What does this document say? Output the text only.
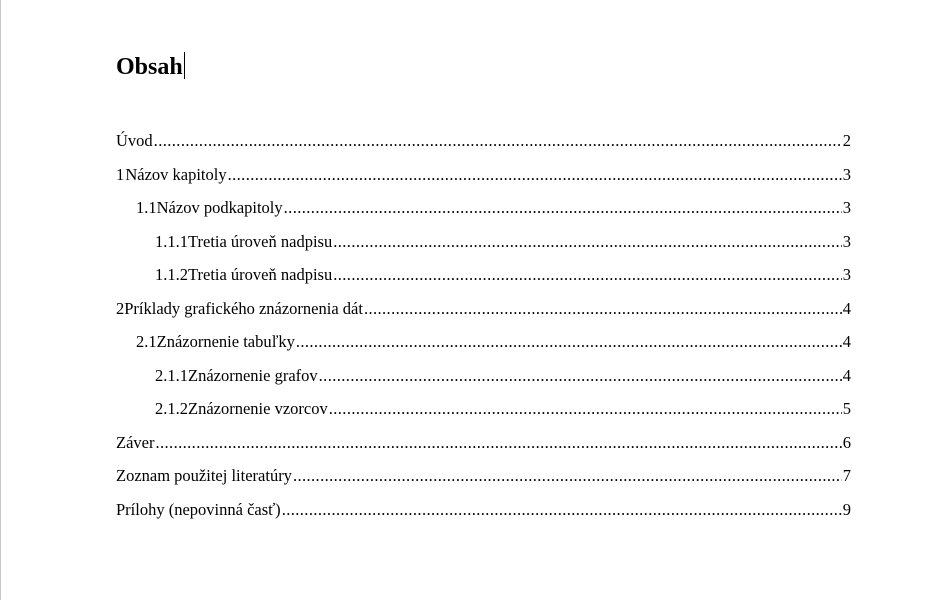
Obsah
Úvod .....	2
1 Názov kapitoly .....	3
1.1 Názov podkapitoly .....	3
1.1.1 Tretia úroveň nadpisu .....	3
1.1.2 Tretia úroveň nadpisu .....	3
2 Príklady grafického znázornenia dát .....	4
2.1 Znázornenie tabuľky .....	4
2.1.1 Znázornenie grafov .....	4
2.1.2 Znázornenie vzorcov .....	5
Záver .....	6
Zoznam použitej literatúry .....	7
Prílohy (nepovinná časť) .....	9
